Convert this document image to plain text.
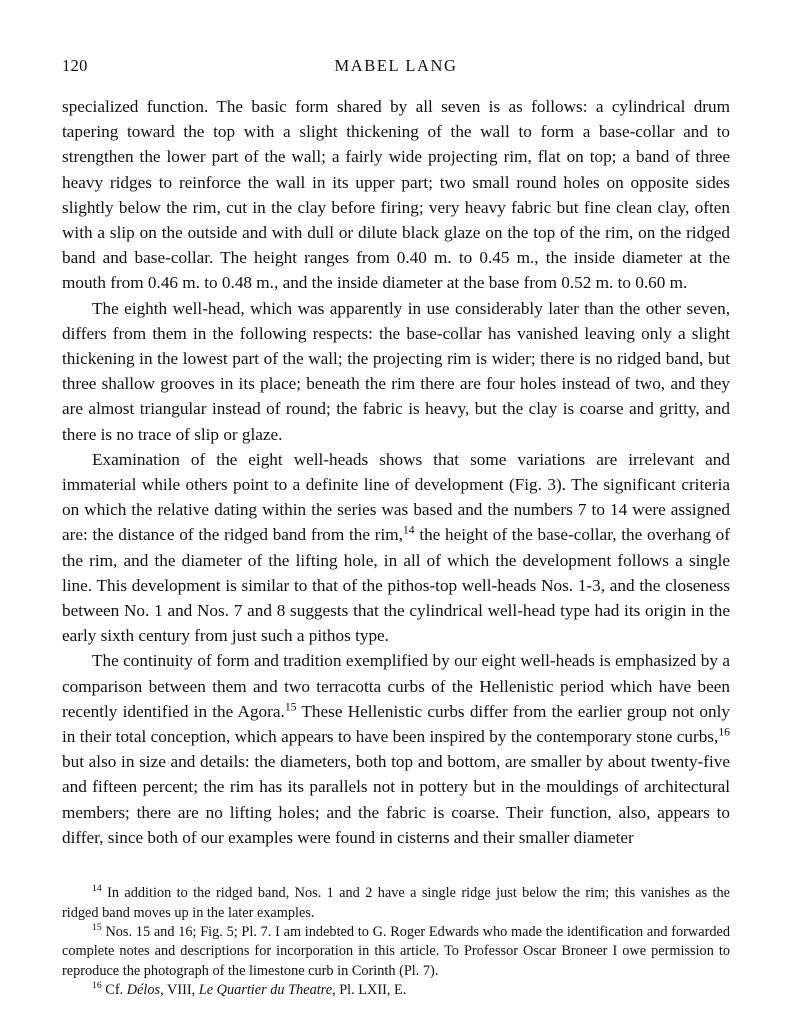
120	MABEL LANG

specialized function. The basic form shared by all seven is as follows: a cylindrical drum tapering toward the top with a slight thickening of the wall to form a base-collar and to strengthen the lower part of the wall; a fairly wide projecting rim, flat on top; a band of three heavy ridges to reinforce the wall in its upper part; two small round holes on opposite sides slightly below the rim, cut in the clay before firing; very heavy fabric but fine clean clay, often with a slip on the outside and with dull or dilute black glaze on the top of the rim, on the ridged band and base-collar. The height ranges from 0.40 m. to 0.45 m., the inside diameter at the mouth from 0.46 m. to 0.48 m., and the inside diameter at the base from 0.52 m. to 0.60 m.

The eighth well-head, which was apparently in use considerably later than the other seven, differs from them in the following respects: the base-collar has vanished leaving only a slight thickening in the lowest part of the wall; the projecting rim is wider; there is no ridged band, but three shallow grooves in its place; beneath the rim there are four holes instead of two, and they are almost triangular instead of round; the fabric is heavy, but the clay is coarse and gritty, and there is no trace of slip or glaze.

Examination of the eight well-heads shows that some variations are irrelevant and immaterial while others point to a definite line of development (Fig. 3). The significant criteria on which the relative dating within the series was based and the numbers 7 to 14 were assigned are: the distance of the ridged band from the rim,$^{14}$ the height of the base-collar, the overhang of the rim, and the diameter of the lifting hole, in all of which the development follows a single line. This development is similar to that of the pithos-top well-heads Nos. 1-3, and the closeness between No. 1 and Nos. 7 and 8 suggests that the cylindrical well-head type had its origin in the early sixth century from just such a pithos type.

The continuity of form and tradition exemplified by our eight well-heads is emphasized by a comparison between them and two terracotta curbs of the Hellenistic period which have been recently identified in the Agora.$^{15}$ These Hellenistic curbs differ from the earlier group not only in their total conception, which appears to have been inspired by the contemporary stone curbs,$^{16}$ but also in size and details: the diameters, both top and bottom, are smaller by about twenty-five and fifteen percent; the rim has its parallels not in pottery but in the mouldings of architectural members; there are no lifting holes; and the fabric is coarse. Their function, also, appears to differ, since both of our examples were found in cisterns and their smaller diameter

$^{14}$ In addition to the ridged band, Nos. 1 and 2 have a single ridge just below the rim; this vanishes as the ridged band moves up in the later examples.

$^{15}$ Nos. 15 and 16; Fig. 5; Pl. 7. I am indebted to G. Roger Edwards who made the identification and forwarded complete notes and descriptions for incorporation in this article. To Professor Oscar Broneer I owe permission to reproduce the photograph of the limestone curb in Corinth (Pl. 7).

$^{16}$ Cf. Délos, VIII, Le Quartier du Theatre, Pl. LXII, E.
